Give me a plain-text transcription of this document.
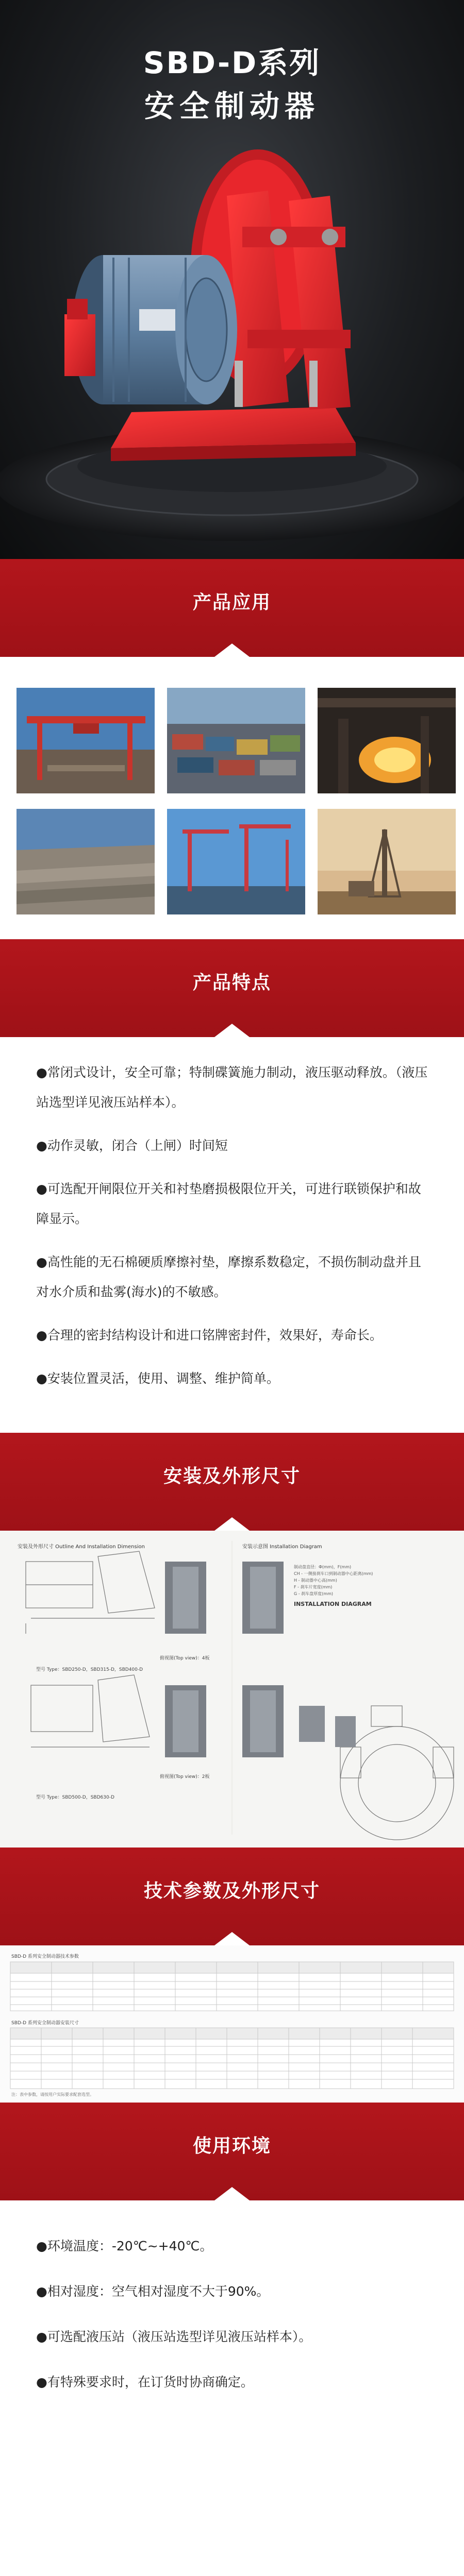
SBD-D系列
安全制动器
产品应用
产品特点
●常闭式设计，安全可靠；特制碟簧施力制动，液压驱动释放。（液压站选型详见液压站样本）。
●动作灵敏，闭合（上闸）时间短
●可选配开闸限位开关和衬垫磨损极限位开关，可进行联锁保护和故障显示。
●高性能的无石棉硬质摩擦衬垫，摩擦系数稳定，不损伤制动盘并且对水介质和盐雾(海水)的不敏感。
●合理的密封结构设计和进口铭牌密封件，效果好，寿命长。
●安装位置灵活，使用、调整、维护简单。
安装及外形尺寸
安装及外形尺寸 Outline And Installation Dimension	安装示意图 Installation Diagram
型号 Type：SBD250-D，SBD315-D，SBD400-D
型号 Type：SBD500-D，SBD630-D
俯视图(Top view)：4板
俯视图(Top view)：2板
INSTALLATION DIAGRAM
制动盘直径：Ф(mm)，F(mm)
CH - 一侧接刹车口到制动器中心距离(mm)
H - 制动器中心高(mm)
F - 刹车片宽度(mm)
G - 刹车盘厚度(mm)
技术参数及外形尺寸
SBD-D 系列安全制动器技术参数
SBD-D 系列安全制动器安装尺寸
注：表中参数，请按用户实际要求配套选型。
使用环境
●环境温度：-20℃~+40℃。
●相对湿度：空气相对湿度不大于90%。
●可选配液压站（液压站选型详见液压站样本）。
●有特殊要求时，在订货时协商确定。
